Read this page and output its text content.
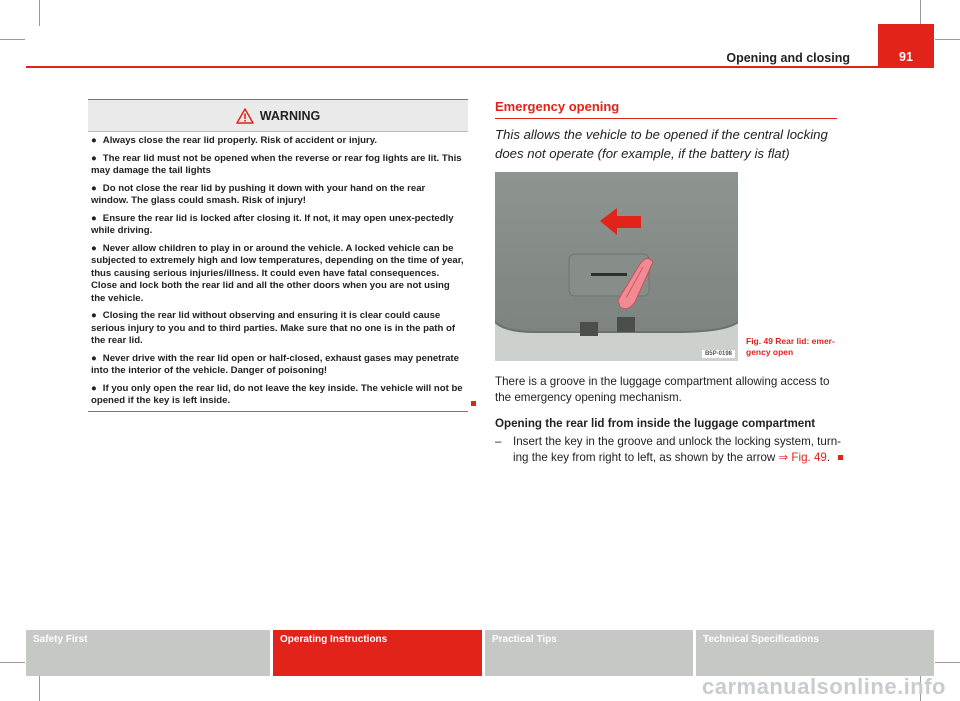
Opening and closing	91
WARNING
● Always close the rear lid properly. Risk of accident or injury.
● The rear lid must not be opened when the reverse or rear fog lights are lit. This may damage the tail lights
● Do not close the rear lid by pushing it down with your hand on the rear window. The glass could smash. Risk of injury!
● Ensure the rear lid is locked after closing it. If not, it may open unex-pectedly while driving.
● Never allow children to play in or around the vehicle. A locked vehicle can be subjected to extremely high and low temperatures, depending on the time of year, thus causing serious injuries/illness. It could even have fatal consequences. Close and lock both the rear lid and all the other doors when you are not using the vehicle.
● Closing the rear lid without observing and ensuring it is clear could cause serious injury to you and to third parties. Make sure that no one is in the path of the rear lid.
● Never drive with the rear lid open or half-closed, exhaust gases may penetrate into the interior of the vehicle. Danger of poisoning!
● If you only open the rear lid, do not leave the key inside. The vehicle will not be opened if the key is left inside.
Emergency opening
This allows the vehicle to be opened if the central locking does not operate (for example, if the battery is flat)
B5P-0198
Fig. 49 Rear lid: emer-gency open
There is a groove in the luggage compartment allowing access to the emergency opening mechanism.
Opening the rear lid from inside the luggage compartment
– Insert the key in the groove and unlock the locking system, turn-ing the key from right to left, as shown by the arrow ⇒ Fig. 49.
Safety First	Operating Instructions	Practical Tips	Technical Specifications
carmanualsonline.info
